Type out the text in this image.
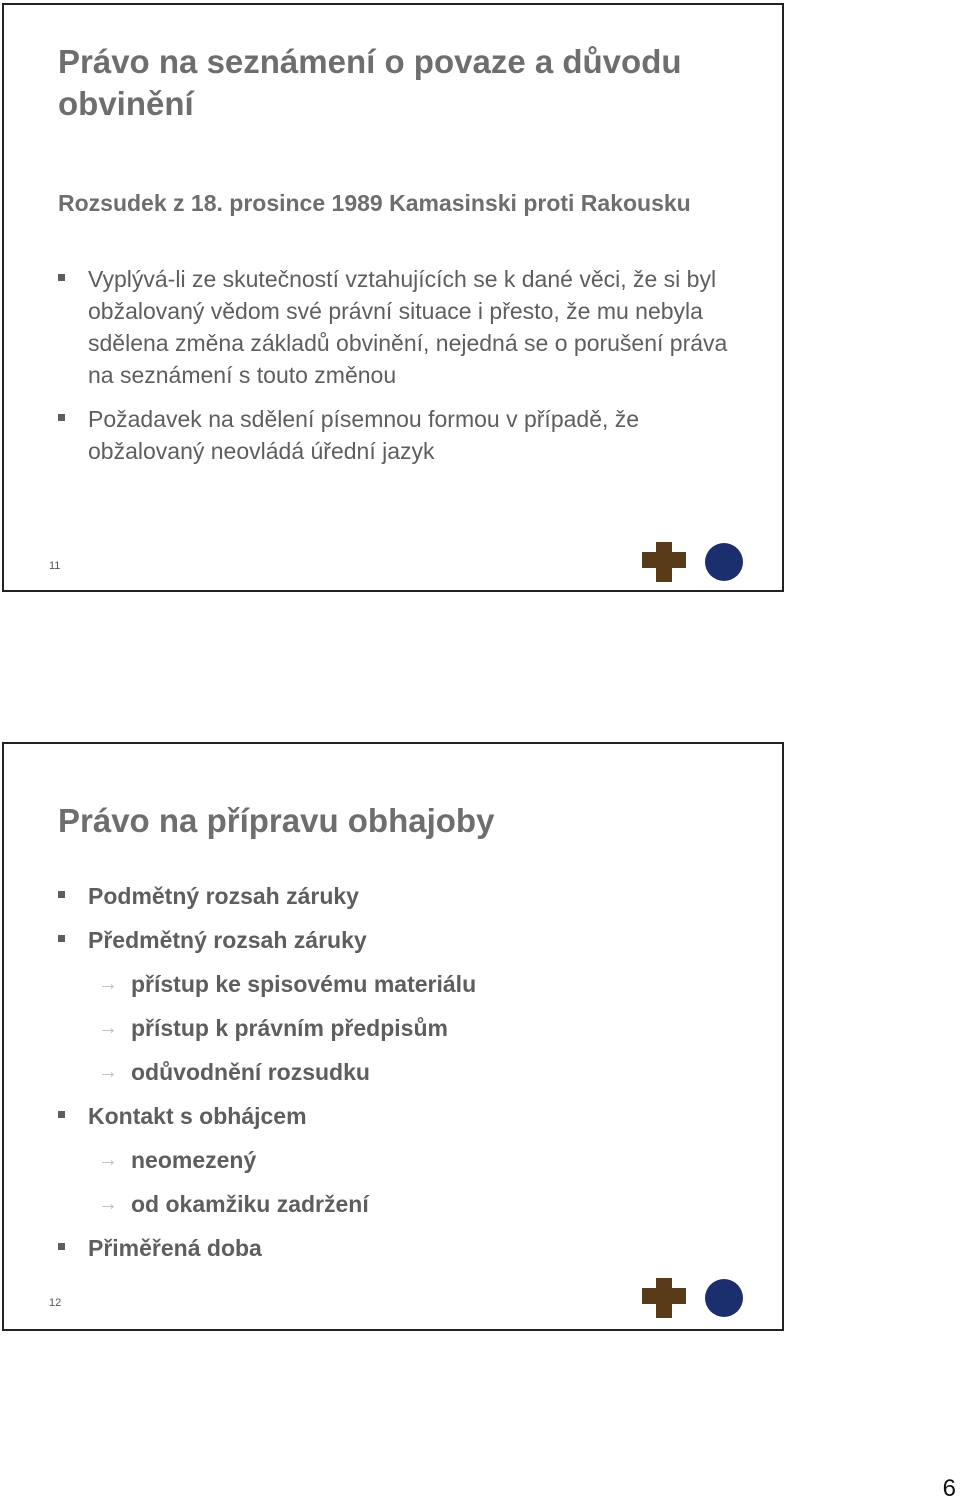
Právo na seznámení o povaze a důvodu obvinění
Rozsudek z 18. prosince 1989 Kamasinski proti Rakousku
Vyplývá-li ze skutečností vztahujících se k dané věci, že si byl obžalovaný vědom své právní situace i přesto, že mu nebyla sdělena změna základů obvinění, nejedná se o porušení práva na seznámení s touto změnou
Požadavek na sdělení písemnou formou v případě, že obžalovaný neovládá úřední jazyk
11
Právo na přípravu obhajoby
Podmětný rozsah záruky
Předmětný rozsah záruky
→ přístup ke spisovému materiálu
→ přístup k právním předpisům
→ odůvodnění rozsudku
Kontakt s obhájcem
→ neomezený
→ od okamžiku zadržení
Přiměřená doba
12
6
